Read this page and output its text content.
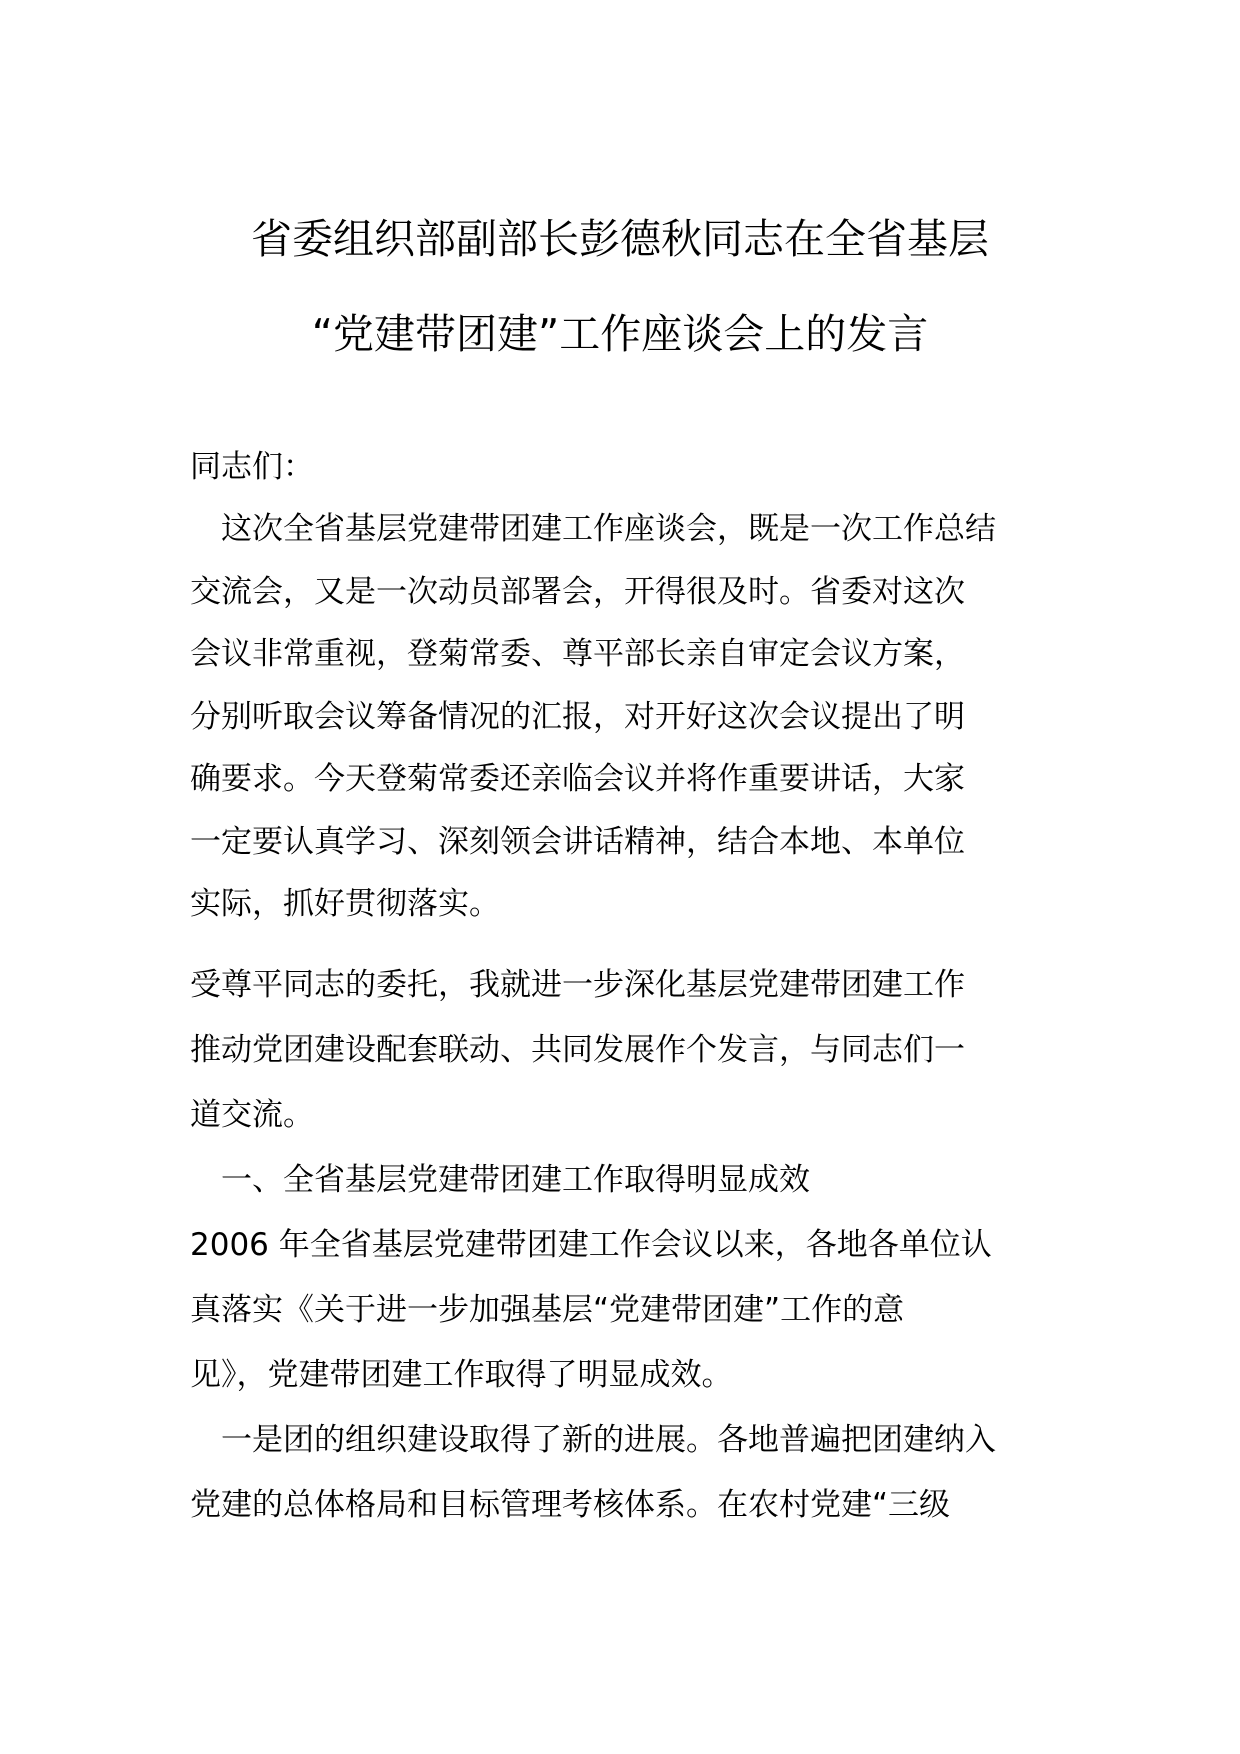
省委组织部副部长彭德秋同志在全省基层
“党建带团建”工作座谈会上的发言
同志们：
　这次全省基层党建带团建工作座谈会，既是一次工作总结
交流会，又是一次动员部署会，开得很及时。省委对这次
会议非常重视，登菊常委、尊平部长亲自审定会议方案，
分别听取会议筹备情况的汇报，对开好这次会议提出了明
确要求。今天登菊常委还亲临会议并将作重要讲话，大家
一定要认真学习、深刻领会讲话精神，结合本地、本单位
实际，抓好贯彻落实。
受尊平同志的委托，我就进一步深化基层党建带团建工作
推动党团建设配套联动、共同发展作个发言，与同志们一
道交流。
　一、全省基层党建带团建工作取得明显成效
2006 年全省基层党建带团建工作会议以来，各地各单位认
真落实《关于进一步加强基层“党建带团建”工作的意
见》，党建带团建工作取得了明显成效。
　一是团的组织建设取得了新的进展。各地普遍把团建纳入
党建的总体格局和目标管理考核体系。在农村党建“三级
